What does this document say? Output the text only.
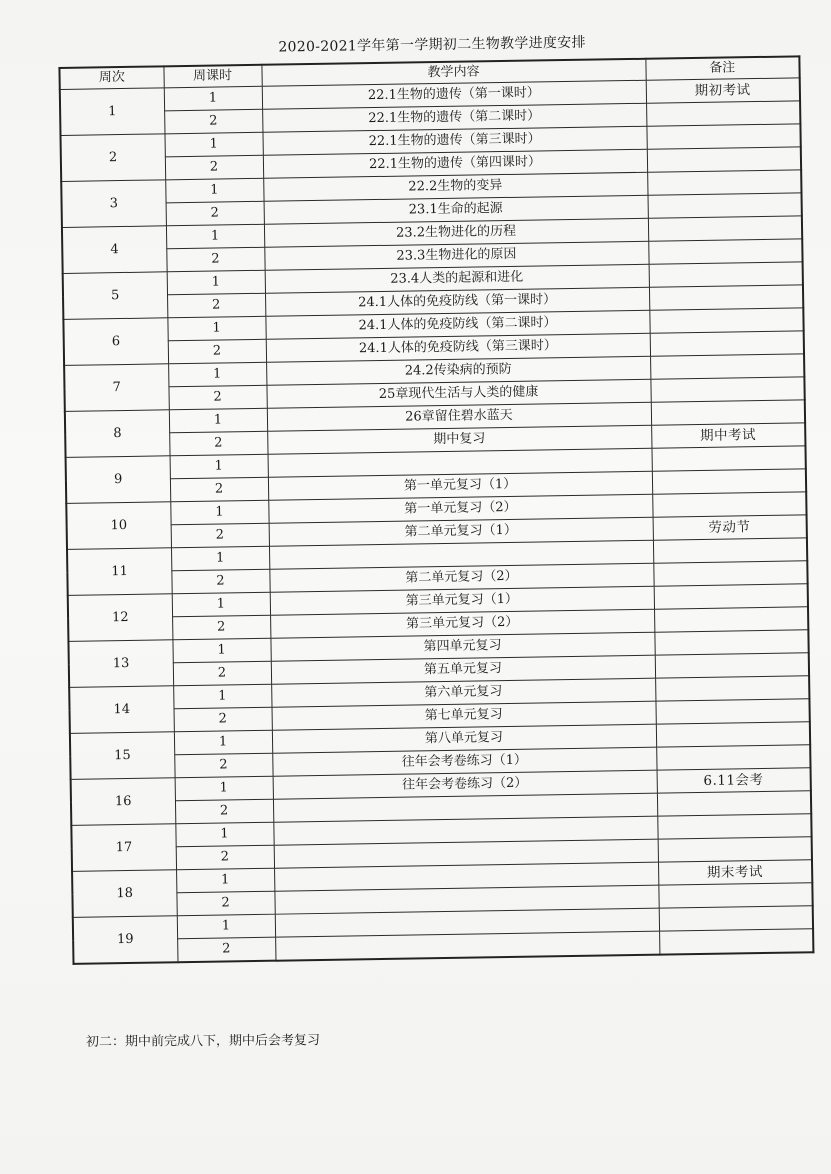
2020-2021学年第一学期初二生物教学进度安排
周次	周课时	教学内容	备注
1	1	22.1生物的遗传（第一课时）	期初考试
	2	22.1生物的遗传（第二课时）	
2	1	22.1生物的遗传（第三课时）	
	2	22.1生物的遗传（第四课时）	
3	1	22.2生物的变异	
	2	23.1生命的起源	
4	1	23.2生物进化的历程	
	2	23.3生物进化的原因	
5	1	23.4人类的起源和进化	
	2	24.1人体的免疫防线（第一课时）	
6	1	24.1人体的免疫防线（第二课时）	
	2	24.1人体的免疫防线（第三课时）	
7	1	24.2传染病的预防	
	2	25章现代生活与人类的健康	
8	1	26章留住碧水蓝天	
	2	期中复习	期中考试
9	1		
	2	第一单元复习（1）	
10	1	第一单元复习（2）	
	2	第二单元复习（1）	劳动节
11	1		
	2	第二单元复习（2）	
12	1	第三单元复习（1）	
	2	第三单元复习（2）	
13	1	第四单元复习	
	2	第五单元复习	
14	1	第六单元复习	
	2	第七单元复习	
15	1	第八单元复习	
	2	往年会考卷练习（1）	
16	1	往年会考卷练习（2）	6.11会考
	2		
17	1		
	2		
18	1		期末考试
	2		
19	1		
	2		
初二：期中前完成八下，期中后会考复习
